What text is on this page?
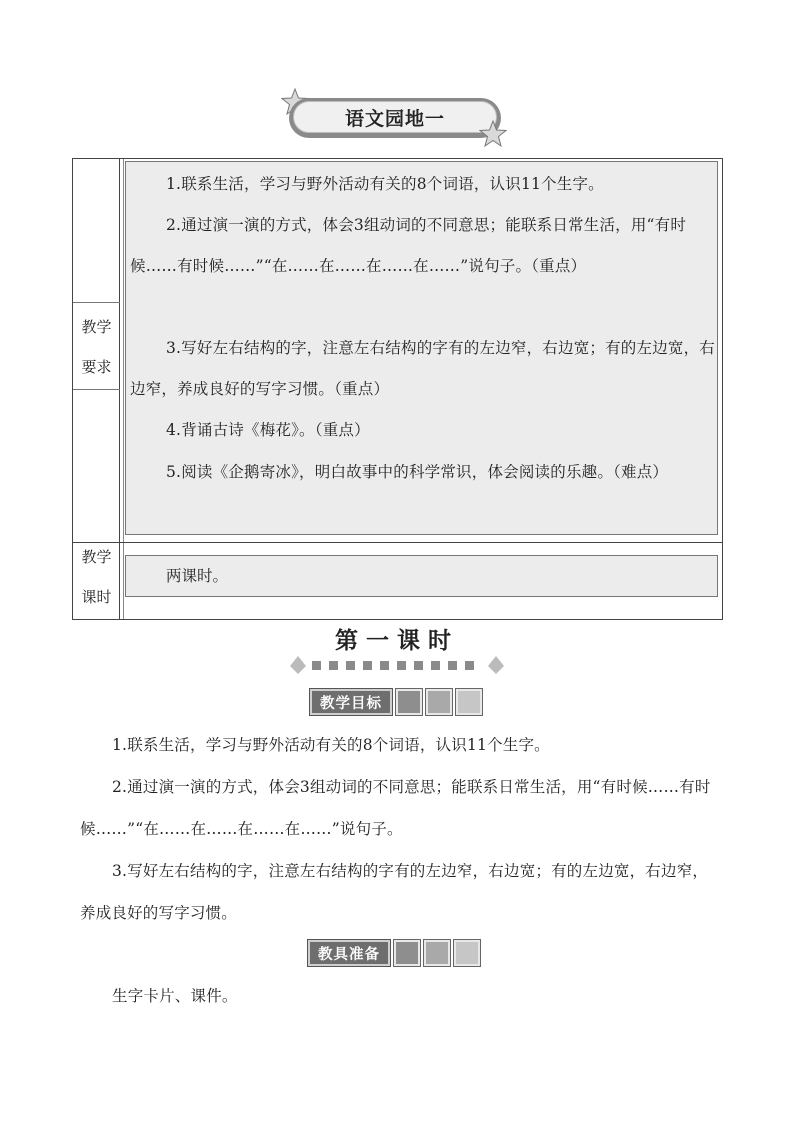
语文园地一
教学
要求
教学
课时

1.联系生活，学习与野外活动有关的8个词语，认识11个生字。

2.通过演一演的方式，体会3组动词的不同意思；能联系日常生活，用“有时候……有时候……”“在……在……在……在……”说句子。（重点）

3.写好左右结构的字，注意左右结构的字有的左边窄，右边宽；有的左边宽，右边窄，养成良好的写字习惯。（重点）

4.背诵古诗《梅花》。（重点）

5.阅读《企鹅寄冰》，明白故事中的科学常识，体会阅读的乐趣。（难点）

两课时。
第一课时
教学目标

1.联系生活，学习与野外活动有关的8个词语，认识11个生字。

2.通过演一演的方式，体会3组动词的不同意思；能联系日常生活，用“有时候……有时候……”“在……在……在……在……”说句子。

3.写好左右结构的字，注意左右结构的字有的左边窄，右边宽；有的左边宽，右边窄，养成良好的写字习惯。

教具准备

生字卡片、课件。
